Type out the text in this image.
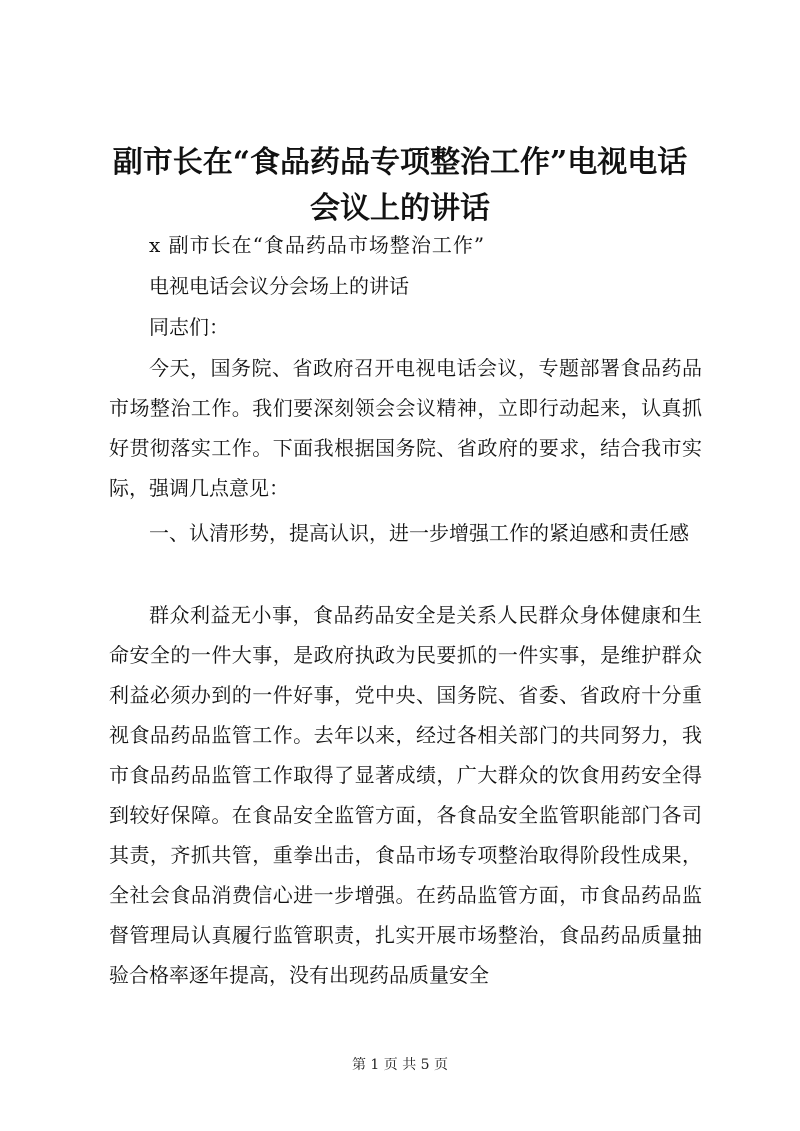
副市长在“食品药品专项整治工作”电视电话
会议上的讲话

x 副市长在“食品药品市场整治工作”

电视电话会议分会场上的讲话

同志们：

今天，国务院、省政府召开电视电话会议，专题部署食品药品市场整治工作。我们要深刻领会会议精神，立即行动起来，认真抓好贯彻落实工作。下面我根据国务院、省政府的要求，结合我市实际，强调几点意见：

一、认清形势，提高认识，进一步增强工作的紧迫感和责任感

群众利益无小事，食品药品安全是关系人民群众身体健康和生命安全的一件大事，是政府执政为民要抓的一件实事，是维护群众利益必须办到的一件好事，党中央、国务院、省委、省政府十分重视食品药品监管工作。去年以来，经过各相关部门的共同努力，我市食品药品监管工作取得了显著成绩，广大群众的饮食用药安全得到较好保障。在食品安全监管方面，各食品安全监管职能部门各司其责，齐抓共管，重拳出击，食品市场专项整治取得阶段性成果，全社会食品消费信心进一步增强。在药品监管方面，市食品药品监督管理局认真履行监管职责，扎实开展市场整治，食品药品质量抽验合格率逐年提高，没有出现药品质量安全

第 1 页 共 5 页
